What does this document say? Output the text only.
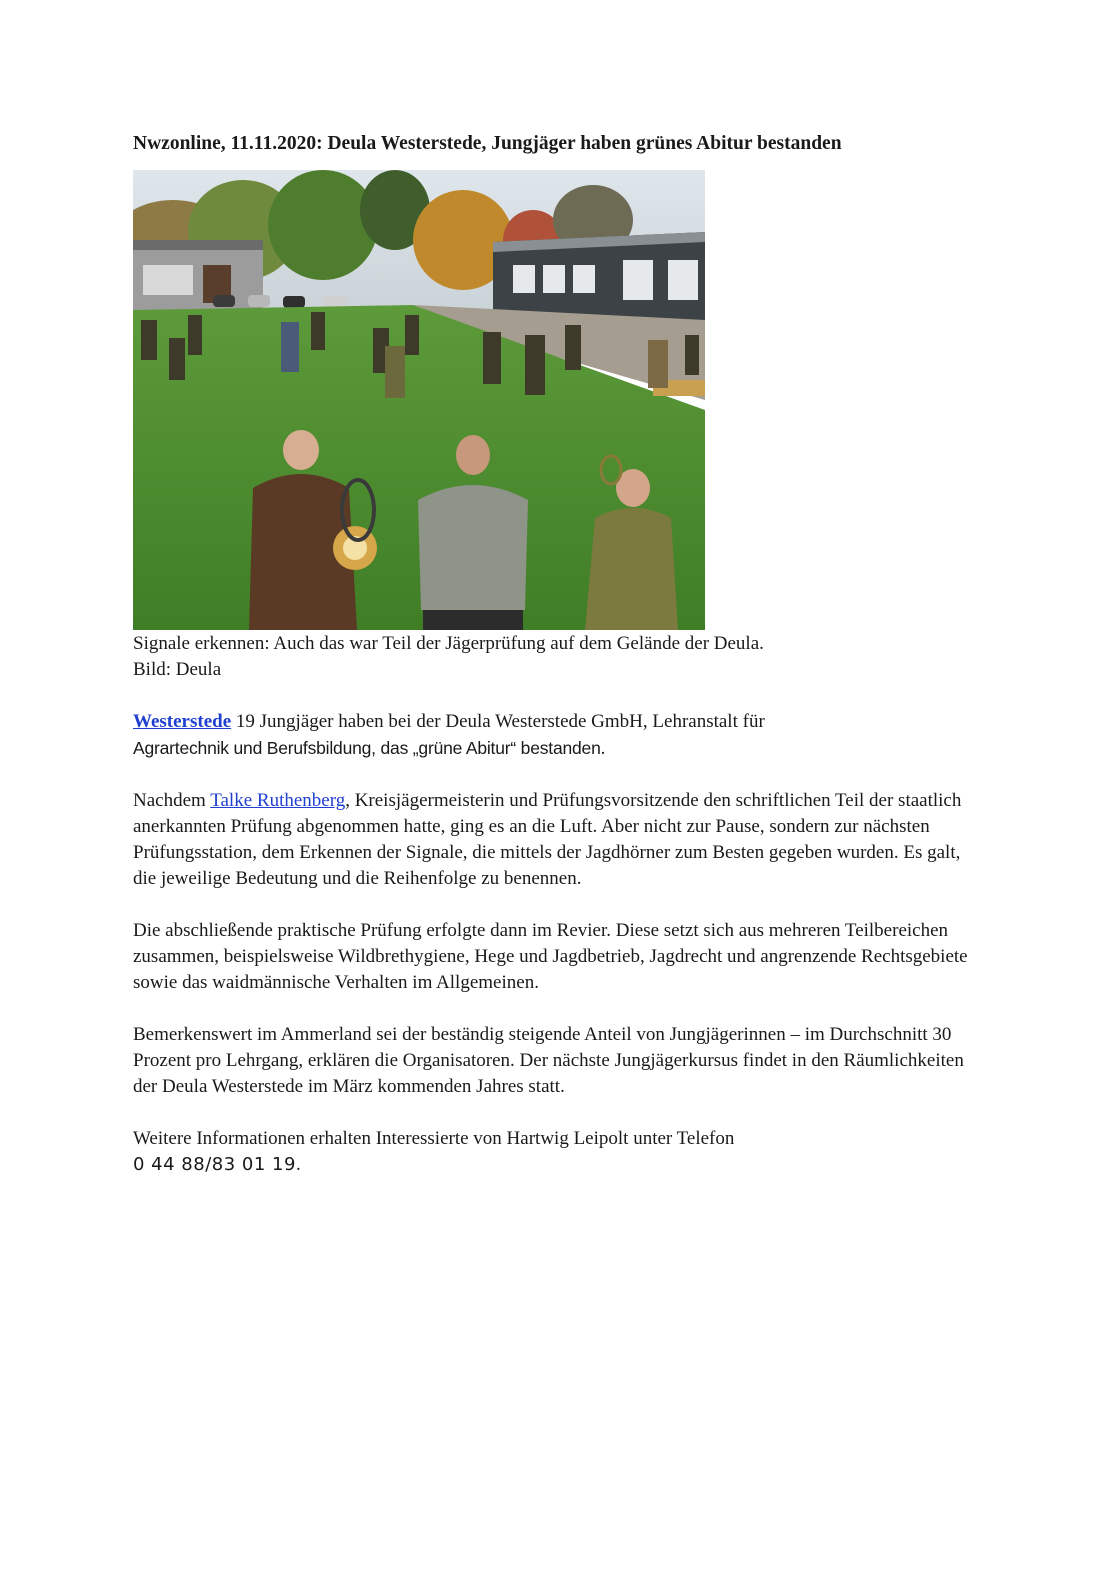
Nwzonline, 11.11.2020: Deula Westerstede, Jungjäger haben grünes Abitur bestanden
Signale erkennen: Auch das war Teil der Jägerprüfung auf dem Gelände der Deula.
Bild: Deula

Westerstede 19 Jungjäger haben bei der Deula Westerstede GmbH, Lehranstalt für
Agrartechnik und Berufsbildung, das „grüne Abitur“ bestanden.

Nachdem Talke Ruthenberg, Kreisjägermeisterin und Prüfungsvorsitzende den schriftlichen Teil der staatlich anerkannten Prüfung abgenommen hatte, ging es an die Luft. Aber nicht zur Pause, sondern zur nächsten Prüfungsstation, dem Erkennen der Signale, die mittels der Jagdhörner zum Besten gegeben wurden. Es galt, die jeweilige Bedeutung und die Reihenfolge zu benennen.

Die abschließende praktische Prüfung erfolgte dann im Revier. Diese setzt sich aus mehreren Teilbereichen zusammen, beispielsweise Wildbrethygiene, Hege und Jagdbetrieb, Jagdrecht und angrenzende Rechtsgebiete sowie das waidmännische Verhalten im Allgemeinen.

Bemerkenswert im Ammerland sei der beständig steigende Anteil von Jungjägerinnen – im Durchschnitt 30 Prozent pro Lehrgang, erklären die Organisatoren. Der nächste Jungjägerkursus findet in den Räumlichkeiten der Deula Westerstede im März kommenden Jahres statt.

Weitere Informationen erhalten Interessierte von Hartwig Leipolt unter Telefon
0 44 88/83 01 19.
